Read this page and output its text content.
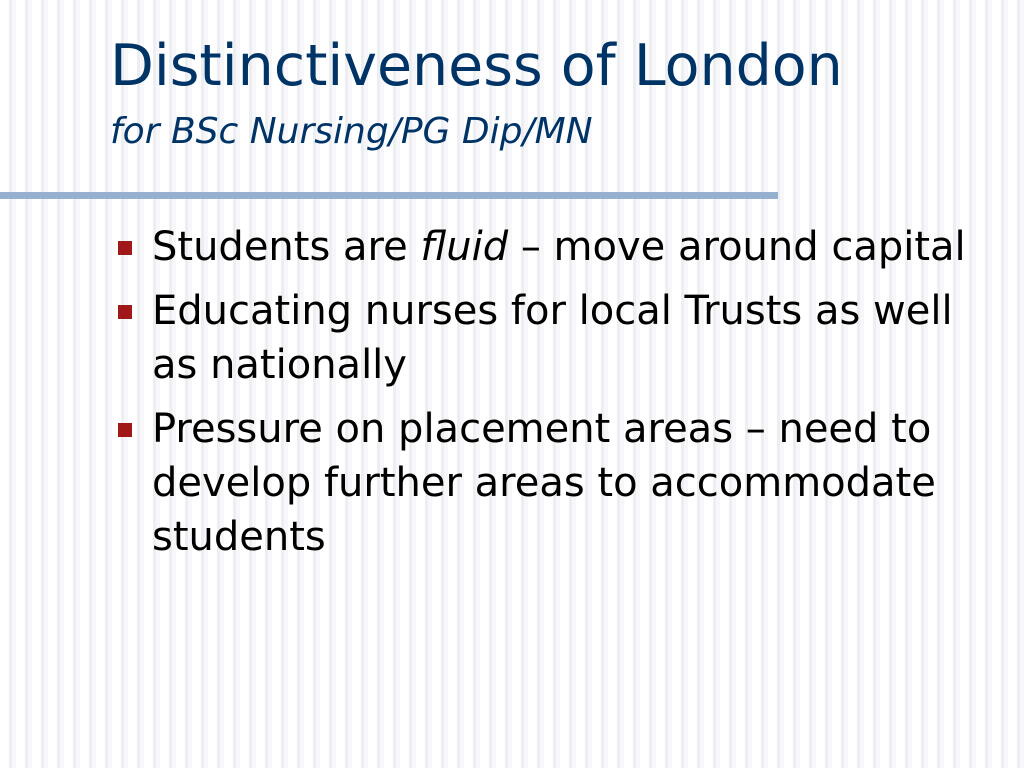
Distinctiveness of London
for BSc Nursing/PG Dip/MN
Students are fluid – move around capital
Educating nurses for local Trusts as well as nationally
Pressure on placement areas – need to develop further areas to accommodate students
